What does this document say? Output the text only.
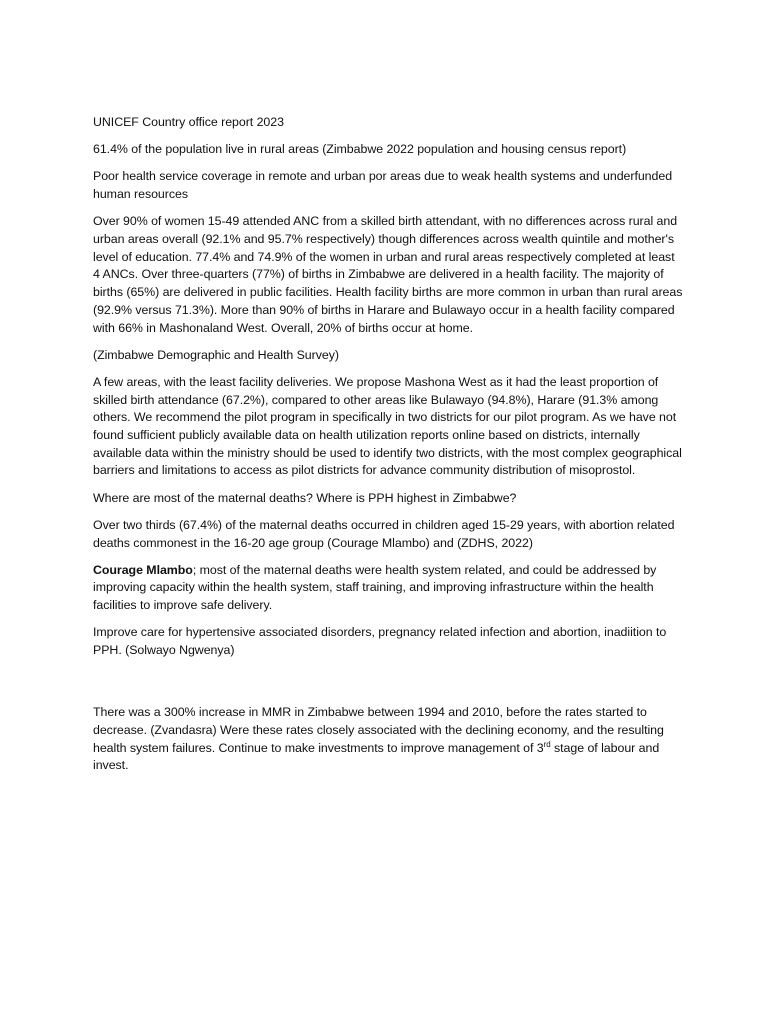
UNICEF Country office report 2023

61.4% of the population live in rural areas (Zimbabwe 2022 population and housing census report)

Poor health service coverage in remote and urban por areas due to weak health systems and underfunded human resources

Over 90% of women 15-49 attended ANC from a skilled birth attendant, with no differences across rural and urban areas overall (92.1% and 95.7% respectively) though differences across wealth quintile and mother's level of education. 77.4% and 74.9% of the women in urban and rural areas respectively completed at least 4 ANCs. Over three-quarters (77%) of births in Zimbabwe are delivered in a health facility. The majority of births (65%) are delivered in public facilities. Health facility births are more common in urban than rural areas (92.9% versus 71.3%). More than 90% of births in Harare and Bulawayo occur in a health facility compared with 66% in Mashonaland West. Overall, 20% of births occur at home.

(Zimbabwe Demographic and Health Survey)

A few areas, with the least facility deliveries. We propose Mashona West as it had the least proportion of skilled birth attendance (67.2%), compared to other areas like Bulawayo (94.8%), Harare (91.3% among others. We recommend the pilot program in specifically in two districts for our pilot program. As we have not found sufficient publicly available data on health utilization reports online based on districts, internally available data within the ministry should be used to identify two districts, with the most complex geographical barriers and limitations to access as pilot districts for advance community distribution of misoprostol.

Where are most of the maternal deaths? Where is PPH highest in Zimbabwe?

Over two thirds (67.4%) of the maternal deaths occurred in children aged 15-29 years, with abortion related deaths commonest in the 16-20 age group (Courage Mlambo) and (ZDHS, 2022)

Courage Mlambo; most of the maternal deaths were health system related, and could be addressed by improving capacity within the health system, staff training, and improving infrastructure within the health facilities to improve safe delivery.

Improve care for hypertensive associated disorders, pregnancy related infection and abortion, inadiition to PPH. (Solwayo Ngwenya)

There was a 300% increase in MMR in Zimbabwe between 1994 and 2010, before the rates started to decrease. (Zvandasra) Were these rates closely associated with the declining economy, and the resulting health system failures. Continue to make investments to improve management of 3rd stage of labour and invest.
